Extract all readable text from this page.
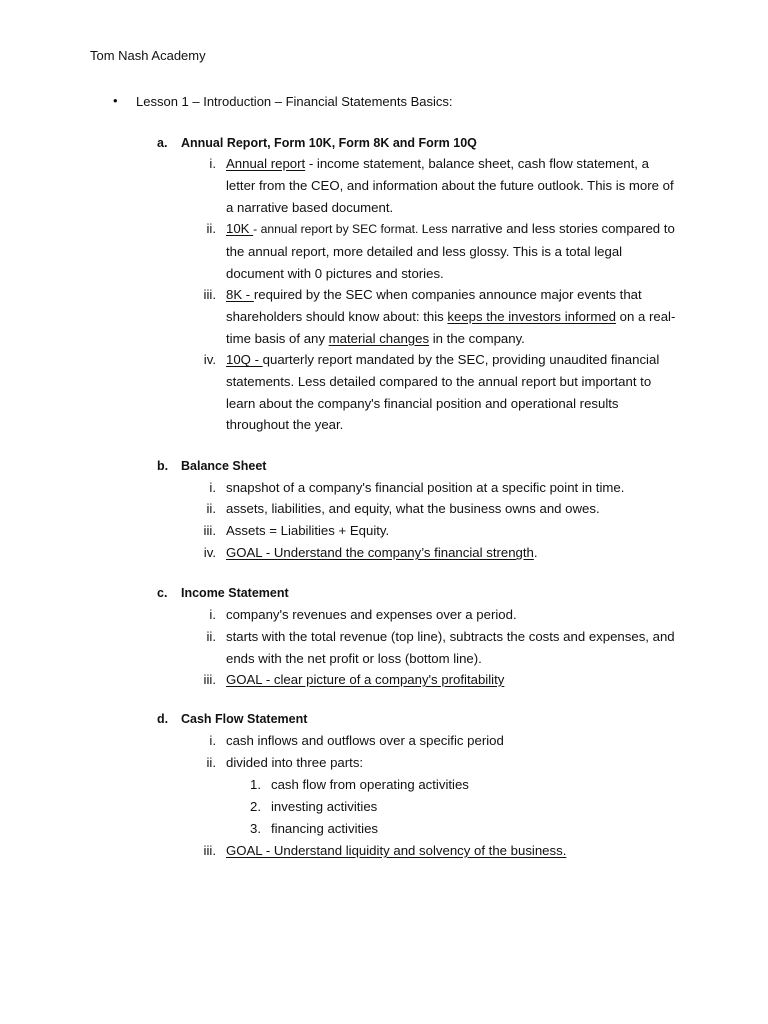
Tom Nash Academy
• Lesson 1 – Introduction – Financial Statements Basics:
a. Annual Report, Form 10K, Form 8K and Form 10Q
i. Annual report - income statement, balance sheet, cash flow statement, a letter from the CEO, and information about the future outlook. This is more of a narrative based document.
ii. 10K - annual report by SEC format. Less narrative and less stories compared to the annual report, more detailed and less glossy. This is a total legal document with 0 pictures and stories.
iii. 8K - required by the SEC when companies announce major events that shareholders should know about: this keeps the investors informed on a real-time basis of any material changes in the company.
iv. 10Q - quarterly report mandated by the SEC, providing unaudited financial statements. Less detailed compared to the annual report but important to learn about the company's financial position and operational results throughout the year.
b. Balance Sheet
i. snapshot of a company's financial position at a specific point in time.
ii. assets, liabilities, and equity, what the business owns and owes.
iii. Assets = Liabilities + Equity.
iv. GOAL - Understand the company’s financial strength.
c. Income Statement
i. company's revenues and expenses over a period.
ii. starts with the total revenue (top line), subtracts the costs and expenses, and ends with the net profit or loss (bottom line).
iii. GOAL - clear picture of a company's profitability
d. Cash Flow Statement
i. cash inflows and outflows over a specific period
ii. divided into three parts:
1. cash flow from operating activities
2. investing activities
3. financing activities
iii. GOAL - Understand liquidity and solvency of the business.
